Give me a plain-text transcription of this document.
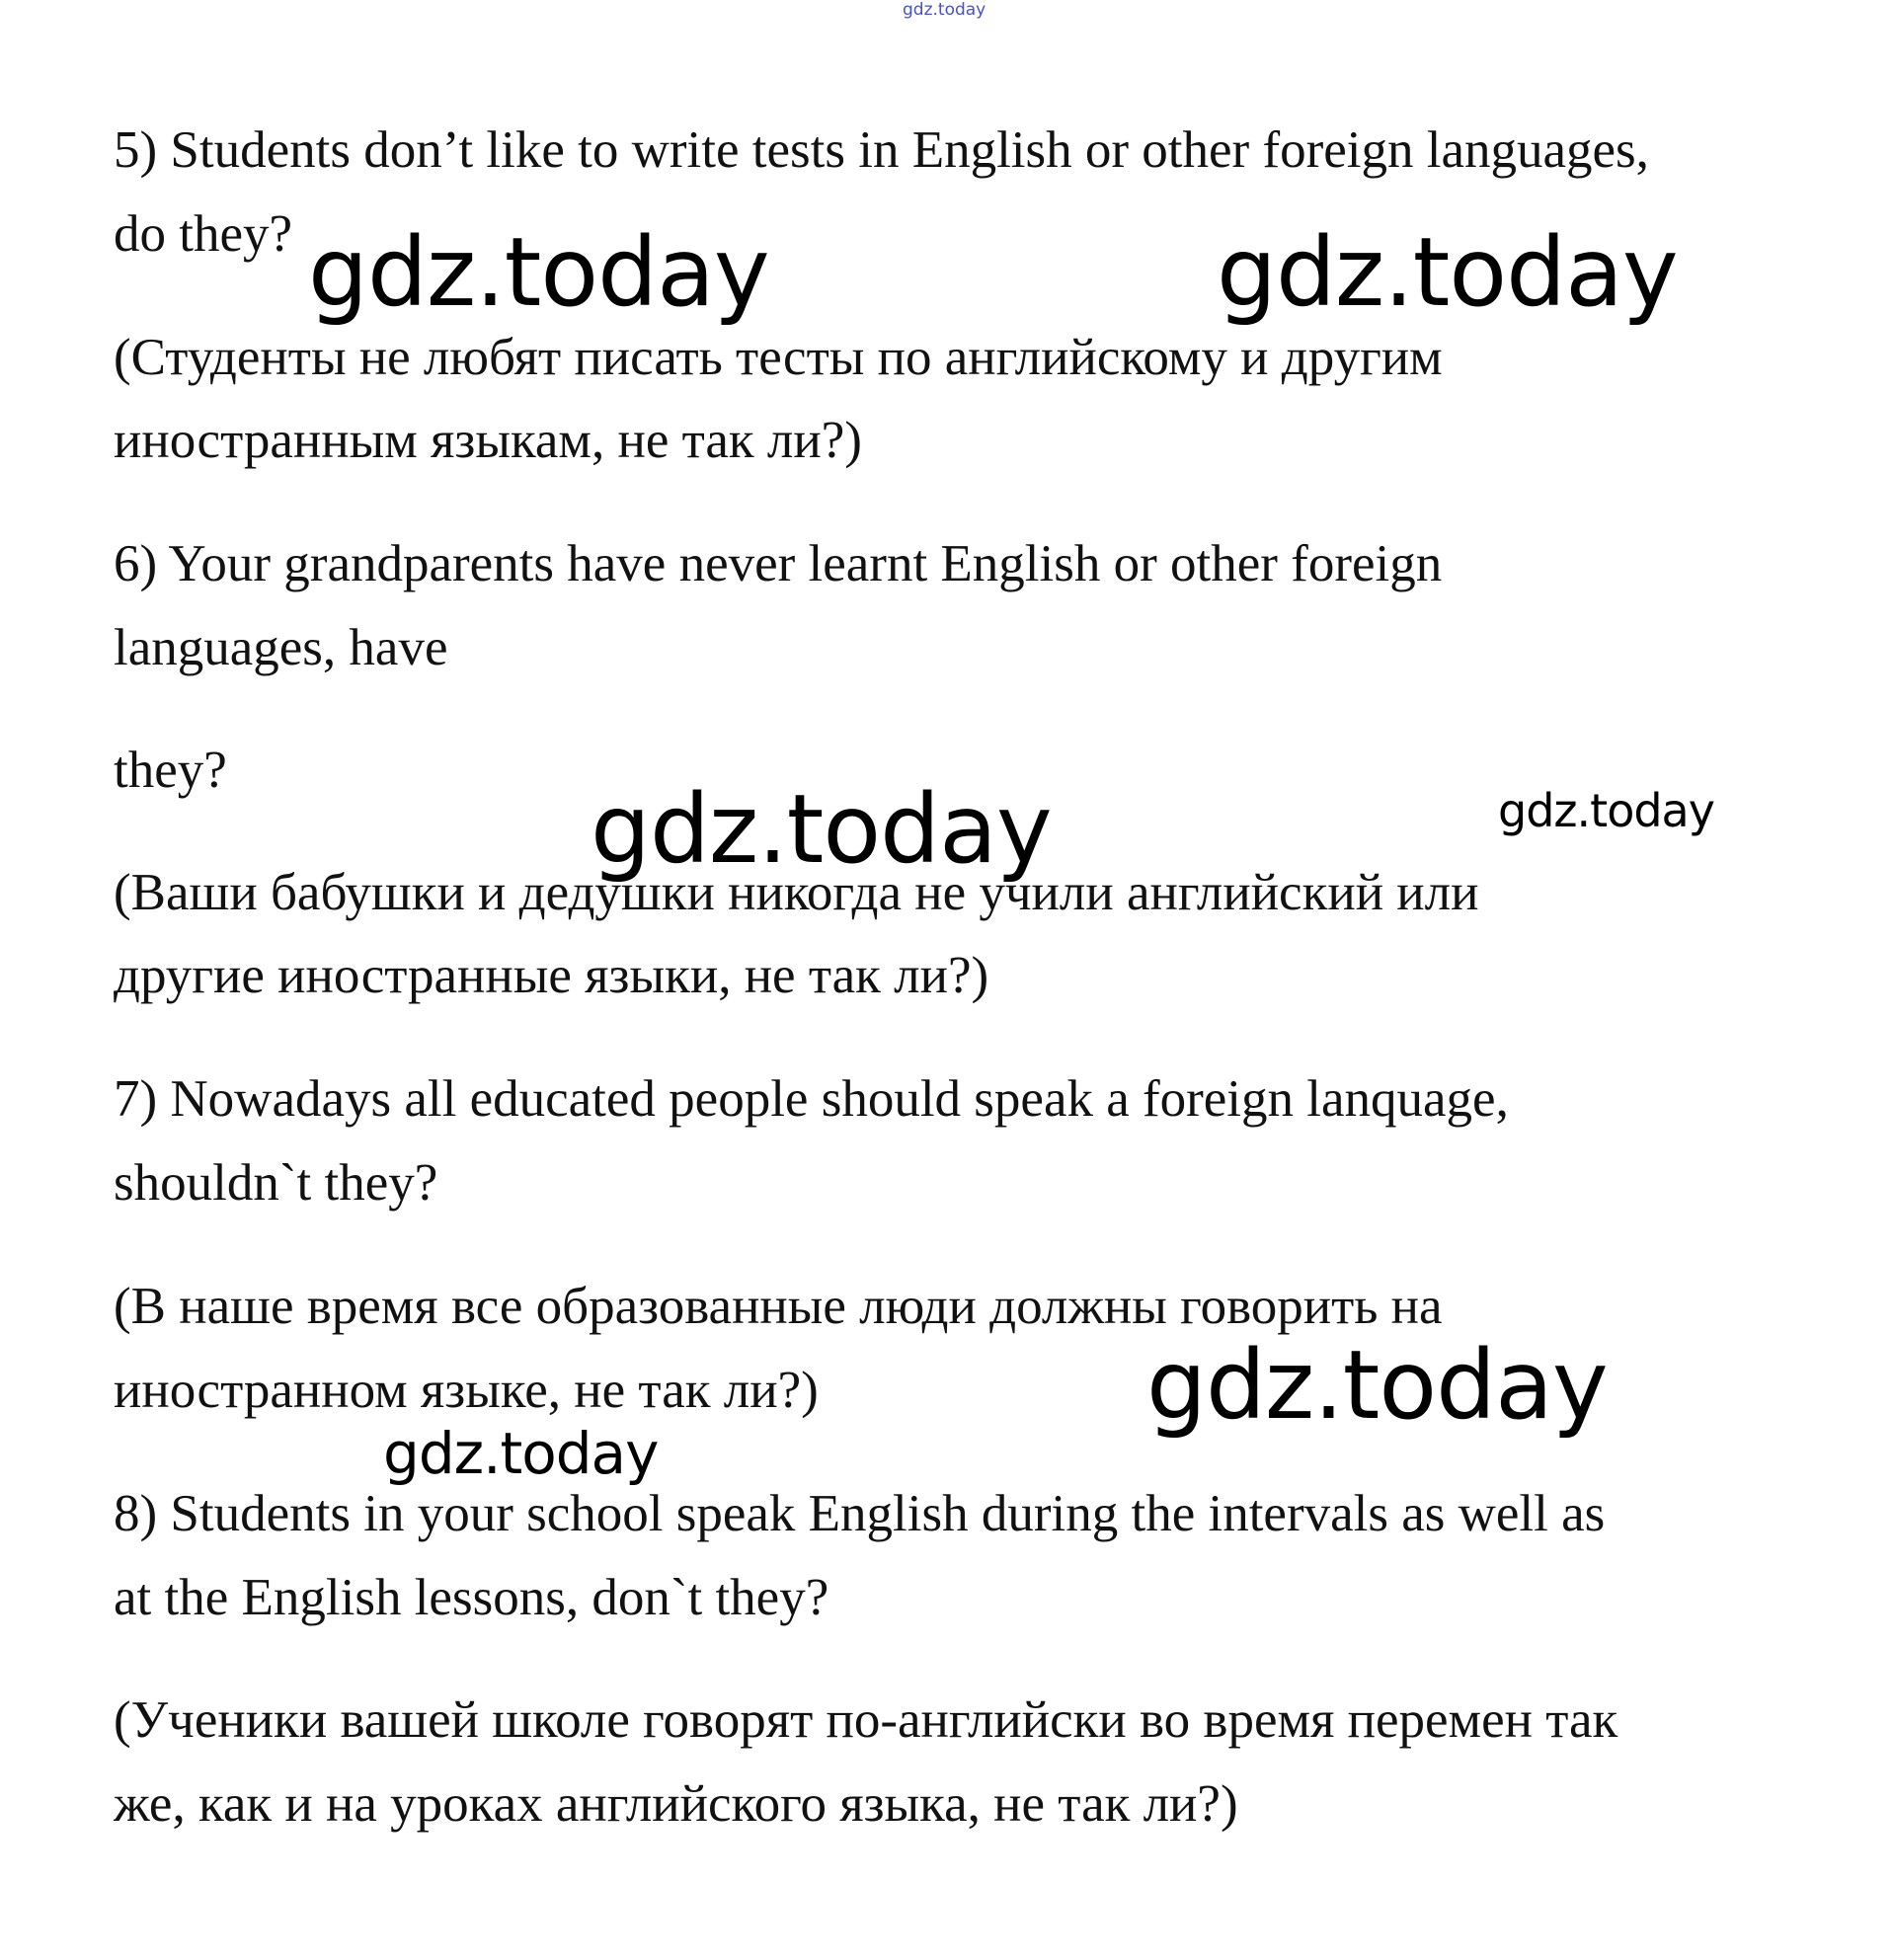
gdz.today
5) Students don’t like to write tests in English or other foreign languages,
do they?
(Студенты не любят писать тесты по английскому и другим
иностранным языкам, не так ли?)
6) Your grandparents have never learnt English or other foreign
languages, have
they?
(Ваши бабушки и дедушки никогда не учили английский или
другие иностранные языки, не так ли?)
7) Nowadays all educated people should speak a foreign lanquage,
shouldn`t they?
(В наше время все образованные люди должны говорить на
иностранном языке, не так ли?)
8) Students in your school speak English during the intervals as well as
at the English lessons, don`t they?
(Ученики вашей школе говорят по-английски во время перемен так
же, как и на уроках английского языка, не так ли?)
gdz.today	gdz.today
gdz.today	gdz.today
gdz.today
gdz.today
